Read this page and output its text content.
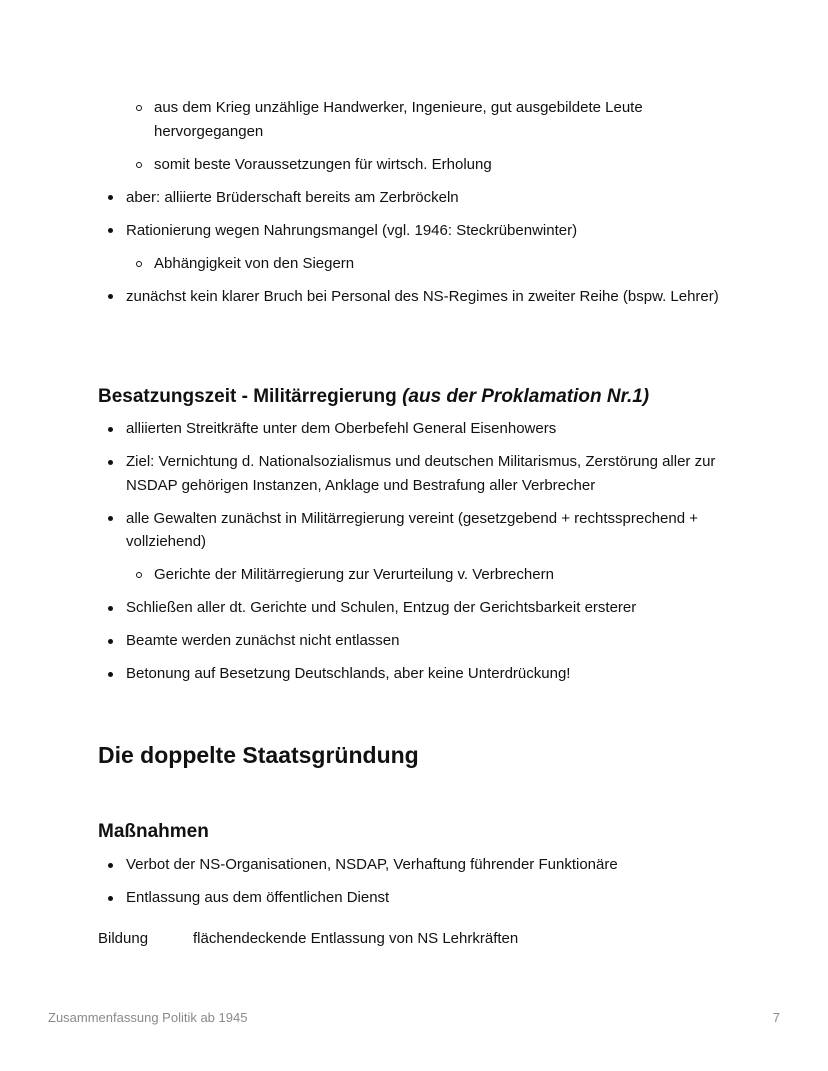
aus dem Krieg unzählige Handwerker, Ingenieure, gut ausgebildete Leute hervorgegangen
somit beste Voraussetzungen für wirtsch. Erholung
aber: alliierte Brüderschaft bereits am Zerbröckeln
Rationierung wegen Nahrungsmangel (vgl. 1946: Steckrübenwinter)
Abhängigkeit von den Siegern
zunächst kein klarer Bruch bei Personal des NS-Regimes in zweiter Reihe (bspw. Lehrer)
Besatzungszeit - Militärregierung (aus der Proklamation Nr.1)
alliierten Streitkräfte unter dem Oberbefehl General Eisenhowers
Ziel: Vernichtung d. Nationalsozialismus und deutschen Militarismus, Zerstörung aller zur NSDAP gehörigen Instanzen, Anklage und Bestrafung aller Verbrecher
alle Gewalten zunächst in Militärregierung vereint (gesetzgebend + rechtssprechend + vollziehend)
Gerichte der Militärregierung zur Verurteilung v. Verbrechern
Schließen aller dt. Gerichte und Schulen, Entzug der Gerichtsbarkeit ersterer
Beamte werden zunächst nicht entlassen
Betonung auf Besetzung Deutschlands, aber keine Unterdrückung!
Die doppelte Staatsgründung
Maßnahmen
Verbot der NS-Organisationen, NSDAP, Verhaftung führender Funktionäre
Entlassung aus dem öffentlichen Dienst
Bildung	flächendeckende Entlassung von NS Lehrkräften
Zusammenfassung Politik ab 1945	7
